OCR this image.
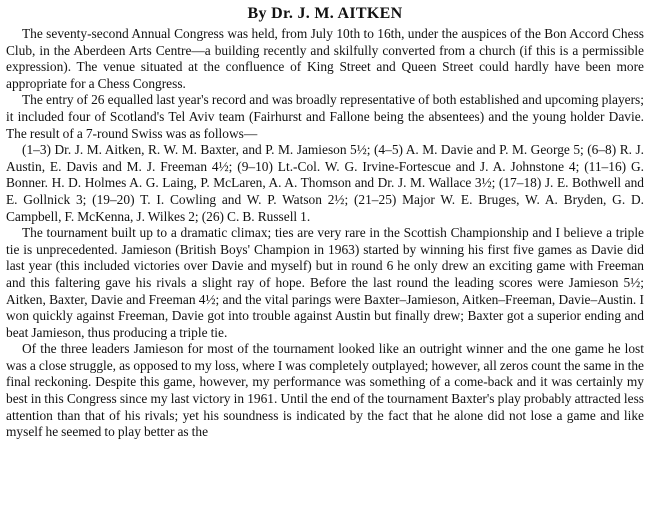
By Dr. J. M. AITKEN

The seventy-second Annual Congress was held, from July 10th to 16th, under the auspices of the Bon Accord Chess Club, in the Aberdeen Arts Centre—a building recently and skilfully converted from a church (if this is a permissible expression). The venue situated at the confluence of King Street and Queen Street could hardly have been more appropriate for a Chess Congress.

The entry of 26 equalled last year's record and was broadly representative of both established and upcoming players; it included four of Scotland's Tel Aviv team (Fairhurst and Fallone being the absentees) and the young holder Davie. The result of a 7-round Swiss was as follows—

(1–3) Dr. J. M. Aitken, R. W. M. Baxter, and P. M. Jamieson 5½; (4–5) A. M. Davie and P. M. George 5; (6–8) R. J. Austin, E. Davis and M. J. Freeman 4½; (9–10) Lt.-Col. W. G. Irvine-Fortescue and J. A. Johnstone 4; (11–16) G. Bonner. H. D. Holmes A. G. Laing, P. McLaren, A. A. Thomson and Dr. J. M. Wallace 3½; (17–18) J. E. Bothwell and E. Gollnick 3; (19–20) T. I. Cowling and W. P. Watson 2½; (21–25) Major W. E. Bruges, W. A. Bryden, G. D. Campbell, F. McKenna, J. Wilkes 2; (26) C. B. Russell 1.

The tournament built up to a dramatic climax; ties are very rare in the Scottish Championship and I believe a triple tie is unprecedented. Jamieson (British Boys' Champion in 1963) started by winning his first five games as Davie did last year (this included victories over Davie and myself) but in round 6 he only drew an exciting game with Freeman and this faltering gave his rivals a slight ray of hope. Before the last round the leading scores were Jamieson 5½; Aitken, Baxter, Davie and Freeman 4½; and the vital parings were Baxter–Jamieson, Aitken–Freeman, Davie–Austin. I won quickly against Freeman, Davie got into trouble against Austin but finally drew; Baxter got a superior ending and beat Jamieson, thus producing a triple tie.

Of the three leaders Jamieson for most of the tournament looked like an outright winner and the one game he lost was a close struggle, as opposed to my loss, where I was completely outplayed; however, all zeros count the same in the final reckoning. Despite this game, however, my performance was something of a come-back and it was certainly my best in this Congress since my last victory in 1961. Until the end of the tournament Baxter's play probably attracted less attention than that of his rivals; yet his soundness is indicated by the fact that he alone did not lose a game and like myself he seemed to play better as the
